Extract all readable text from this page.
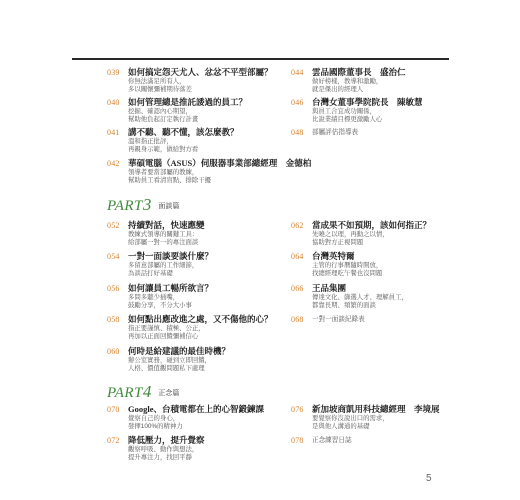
039 如何搞定怨天尤人、忿忿不平型部屬？
你無法滿足所有人，
多以關懷彌補期待落差
040 如何管理總是推託諉過的員工？
挖掘、確認內心期望，
幫助他負起訂定執行計畫
041 講不聽、聽不懂，該怎麼教？
溫和指正批評，
再親身示範，做給對方看
042 華碩電腦（ASUS）伺服器事業部總經理　金德柏
領導者要當部屬的教練，
幫助員工看清盲點、排除干擾
044 雲品國際董事長　盛治仁
做好榜樣，教導和激勵，
就是傑出的經理人
046 台灣女董事學院院長　陳敏慧
與員工合宜成功關係，
比說業績目標更激勵人心
048	部屬評估指導表
PART3 面談篇
052 持續對話，快速應變
教練式領導的關鍵工具：
給部屬一對一的專注面談
054 一對一面談要談什麼？
多留意部屬的工作細節，
為談話打好基礎
056 如何讓員工暢所欲言？
多問多聽少插嘴，
鼓勵分享，不分大小事
058 如何點出應改進之處，又不傷他的心？
指正要謹慎、積極、公正，
再加以正面回饋彌補信心
060 何時是給建議的最佳時機？
辦公室實務，碰到立即回饋，
人格、價值觀問題私下處理
062 當成果不如預期，該如何指正？
先曉之以理，再動之以情，
協助對方正視問題
064 台灣英特爾
主管的行事曆隨時開放，
找總經理吃午餐也沒問題
066 王品集團
傳達文化、篩選人才、理解員工，
都靠長期、頻繁的面談
068	一對一面談紀錄表
PART4 正念篇
070 Google、台積電都在上的心智鍛鍊課
覺察自己的身心，
發揮100%的精神力
072 降低壓力，提升覺察
觀察呼吸、動作與想法，
提升專注力，找回平靜
076 新加坡商凱用科技總經理　李境展
要覺察你沒說出口的需求，
是與他人溝通的基礎
078	正念練習日誌
5
